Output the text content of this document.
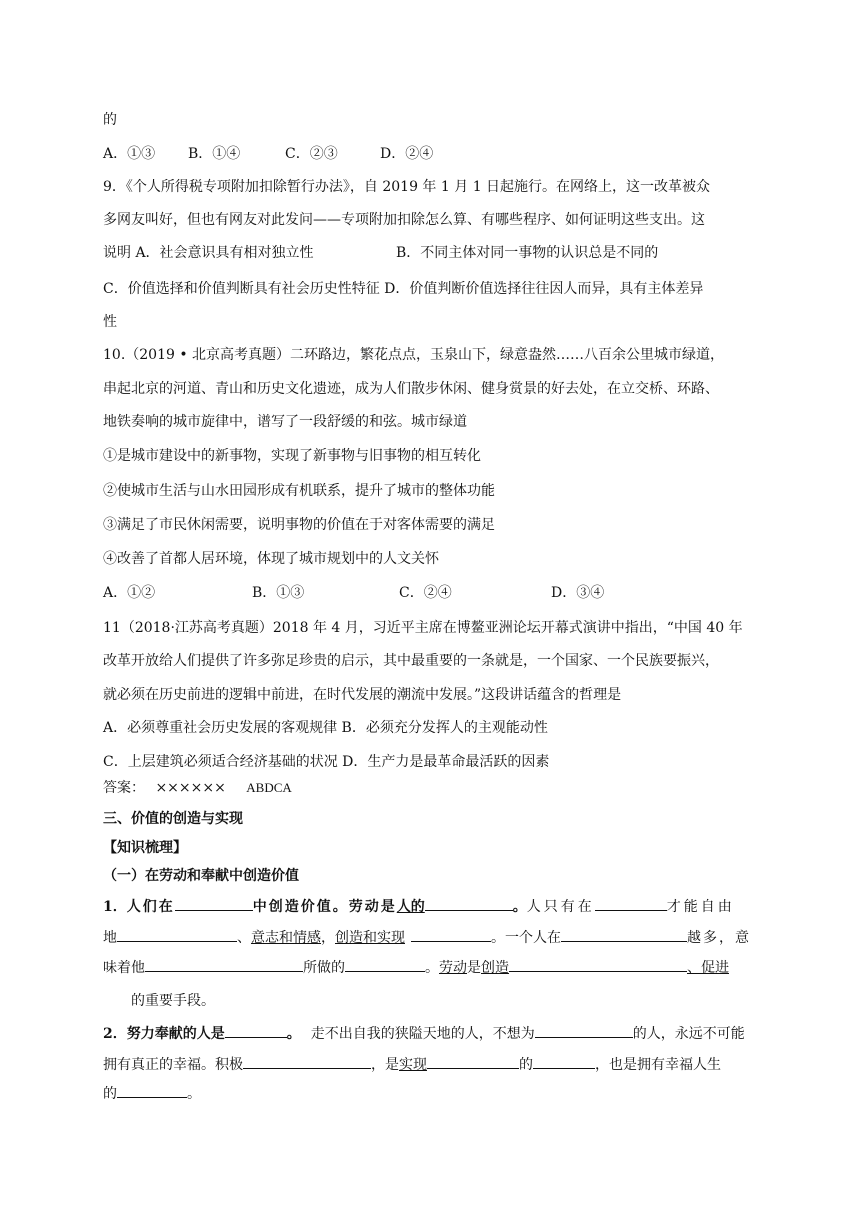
的
A．①③ B．①④	C．②③	D．②④
9．《个人所得税专项附加扣除暂行办法》，自 2019 年 1 月 1 日起施行。在网络上，这一改革被众
多网友叫好，但也有网友对此发问——专项附加扣除怎么算、有哪些程序、如何证明这些支出。这
说明 A．社会意识具有相对独立性	B．不同主体对同一事物的认识总是不同的
C．价值选择和价值判断具有社会历史性特征 D．价值判断价值选择往往因人而异，具有主体差异
性
10.（2019 • 北京高考真题）二环路边，繁花点点，玉泉山下，绿意盎然……八百余公里城市绿道，
串起北京的河道、青山和历史文化遗迹，成为人们散步休闲、健身赏景的好去处，在立交桥、环路、
地铁奏响的城市旋律中，谱写了一段舒缓的和弦。城市绿道
①是城市建设中的新事物，实现了新事物与旧事物的相互转化
②使城市生活与山水田园形成有机联系，提升了城市的整体功能
③满足了市民休闲需要，说明事物的价值在于对客体需要的满足
④改善了首都人居环境，体现了城市规划中的人文关怀
A．①②	B．①③	C．②④	D．③④
11（2018·江苏高考真题）2018 年 4 月，习近平主席在博鳌亚洲论坛开幕式演讲中指出，“中国 40 年
改革开放给人们提供了许多弥足珍贵的启示，其中最重要的一条就是，一个国家、一个民族要振兴，
就必须在历史前进的逻辑中前进，在时代发展的潮流中发展。”这段讲话蕴含的哲理是
A．必须尊重社会历史发展的客观规律 B．必须充分发挥人的主观能动性
C．上层建筑必须适合经济基础的状况 D．生产力是最革命最活跃的因素
答案： ×××××× ABDCA
三、价值的创造与实现
【知识梳理】
（一）在劳动和奉献中创造价值
1．人们在	中创造价值。劳动是人的	。人只有在	才能自由
地	、意志和情感，创造和实现	。一个人在	越多，意
味着他	所做的	。劳动是创造	、促进
的重要手段。
2．努力奉献的人是	。 走不出自我的狭隘天地的人，不想为	的人，永远不可能
拥有真正的幸福。积极	，是实现	的	，也是拥有幸福人生
的	。
